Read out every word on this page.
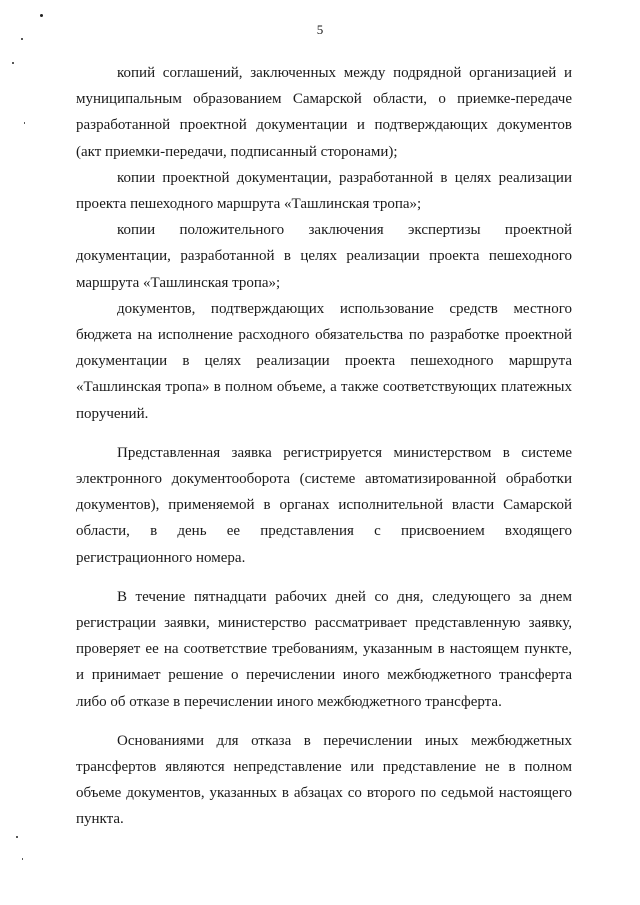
5

копий соглашений, заключенных между подрядной организацией и муниципальным образованием Самарской области, о приемке-передаче разработанной проектной документации и подтверждающих документов (акт приемки-передачи, подписанный сторонами);

копии проектной документации, разработанной в целях реализации проекта пешеходного маршрута «Ташлинская тропа»;

копии положительного заключения экспертизы проектной документации, разработанной в целях реализации проекта пешеходного маршрута «Ташлинская тропа»;

документов, подтверждающих использование средств местного бюджета на исполнение расходного обязательства по разработке проектной документации в целях реализации проекта пешеходного маршрута «Ташлинская тропа» в полном объеме, а также соответствующих платежных поручений.

Представленная заявка регистрируется министерством в системе электронного документооборота (системе автоматизированной обработки документов), применяемой в органах исполнительной власти Самарской области, в день ее представления с присвоением входящего регистрационного номера.

В течение пятнадцати рабочих дней со дня, следующего за днем регистрации заявки, министерство рассматривает представленную заявку, проверяет ее на соответствие требованиям, указанным в настоящем пункте, и принимает решение о перечислении иного межбюджетного трансферта либо об отказе в перечислении иного межбюджетного трансферта.

Основаниями для отказа в перечислении иных межбюджетных трансфертов являются непредставление или представление не в полном объеме документов, указанных в абзацах со второго по седьмой настоящего пункта.
